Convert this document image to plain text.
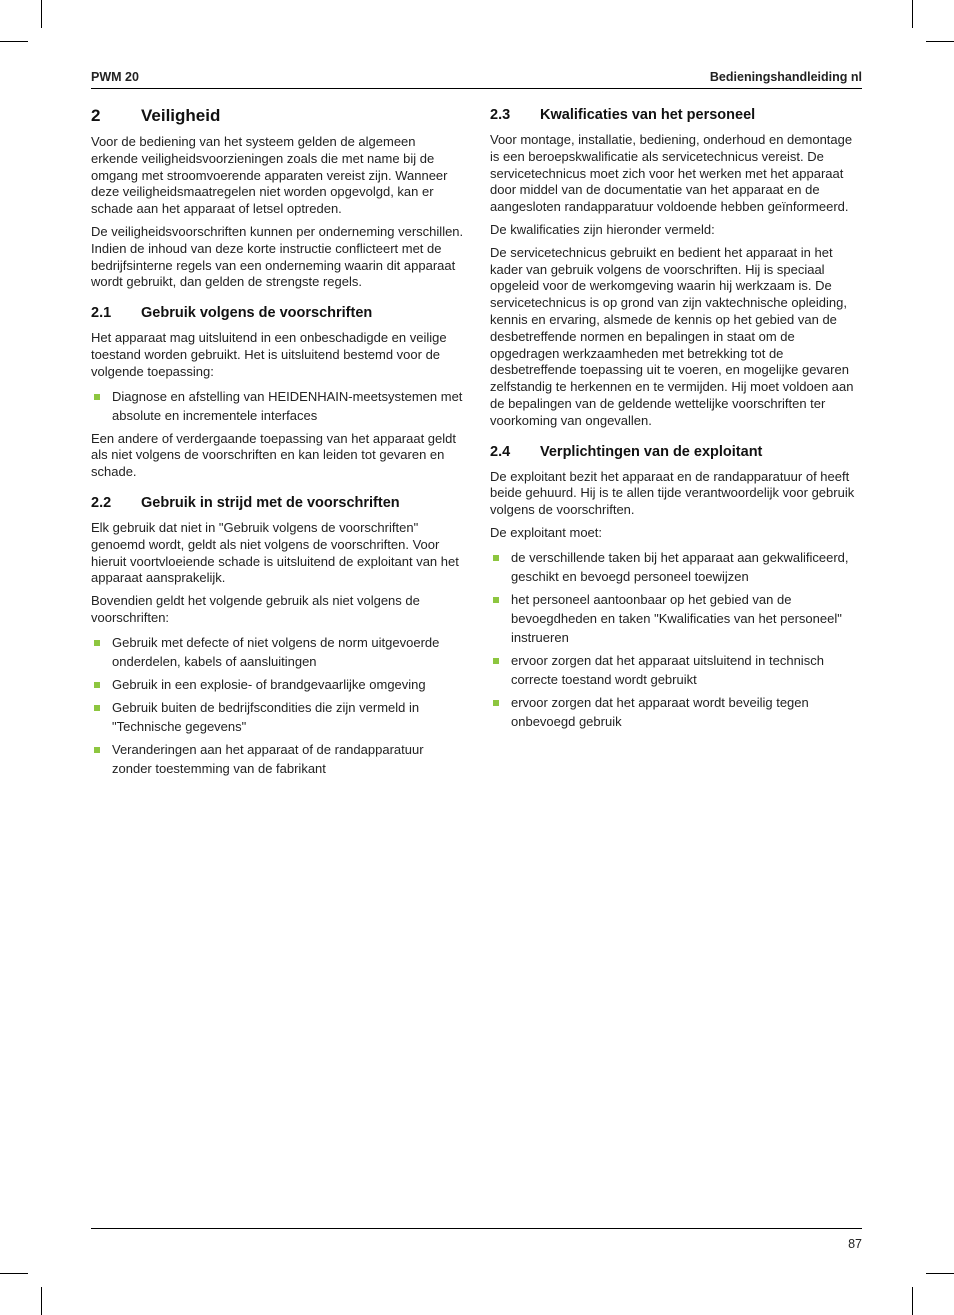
PWM 20	Bedieningshandleiding nl
2	Veiligheid

Voor de bediening van het systeem gelden de algemeen erkende veiligheidsvoorzieningen zoals die met name bij de omgang met stroomvoerende apparaten vereist zijn. Wanneer deze veiligheidsmaatregelen niet worden opgevolgd, kan er schade aan het apparaat of letsel optreden.

De veiligheidsvoorschriften kunnen per onderneming verschillen. Indien de inhoud van deze korte instructie conflicteert met de bedrijfsinterne regels van een onderneming waarin dit apparaat wordt gebruikt, dan gelden de strengste regels.

2.1	Gebruik volgens de voorschriften

Het apparaat mag uitsluitend in een onbeschadigde en veilige toestand worden gebruikt. Het is uitsluitend bestemd voor de volgende toepassing:

Diagnose en afstelling van HEIDENHAIN-meetsystemen met absolute en incrementele interfaces

Een andere of verdergaande toepassing van het apparaat geldt als niet volgens de voorschriften en kan leiden tot gevaren en schade.

2.2	Gebruik in strijd met de voorschriften

Elk gebruik dat niet in "Gebruik volgens de voorschriften" genoemd wordt, geldt als niet volgens de voorschriften. Voor hieruit voortvloeiende schade is uitsluitend de exploitant van het apparaat aansprakelijk.

Bovendien geldt het volgende gebruik als niet volgens de voorschriften:

Gebruik met defecte of niet volgens de norm uitgevoerde onderdelen, kabels of aansluitingen
Gebruik in een explosie- of brandgevaarlijke omgeving
Gebruik buiten de bedrijfscondities die zijn vermeld in "Technische gegevens"
Veranderingen aan het apparaat of de randapparatuur zonder toestemming van de fabrikant
2.3	Kwalificaties van het personeel

Voor montage, installatie, bediening, onderhoud en demontage is een beroepskwalificatie als servicetechnicus vereist. De servicetechnicus moet zich voor het werken met het apparaat door middel van de documentatie van het apparaat en de aangesloten randapparatuur voldoende hebben geïnformeerd.

De kwalificaties zijn hieronder vermeld:

De servicetechnicus gebruikt en bedient het apparaat in het kader van gebruik volgens de voorschriften. Hij is speciaal opgeleid voor de werkomgeving waarin hij werkzaam is. De servicetechnicus is op grond van zijn vaktechnische opleiding, kennis en ervaring, alsmede de kennis op het gebied van de desbetreffende normen en bepalingen in staat om de opgedragen werkzaamheden met betrekking tot de desbetreffende toepassing uit te voeren, en mogelijke gevaren zelfstandig te herkennen en te vermijden. Hij moet voldoen aan de bepalingen van de geldende wettelijke voorschriften ter voorkoming van ongevallen.

2.4	Verplichtingen van de exploitant

De exploitant bezit het apparaat en de randapparatuur of heeft beide gehuurd. Hij is te allen tijde verantwoordelijk voor gebruik volgens de voorschriften.

De exploitant moet:

de verschillende taken bij het apparaat aan gekwalificeerd, geschikt en bevoegd personeel toewijzen
het personeel aantoonbaar op het gebied van de bevoegdheden en taken "Kwalificaties van het personeel" instrueren
ervoor zorgen dat het apparaat uitsluitend in technisch correcte toestand wordt gebruikt
ervoor zorgen dat het apparaat wordt beveilig tegen onbevoegd gebruik
87
